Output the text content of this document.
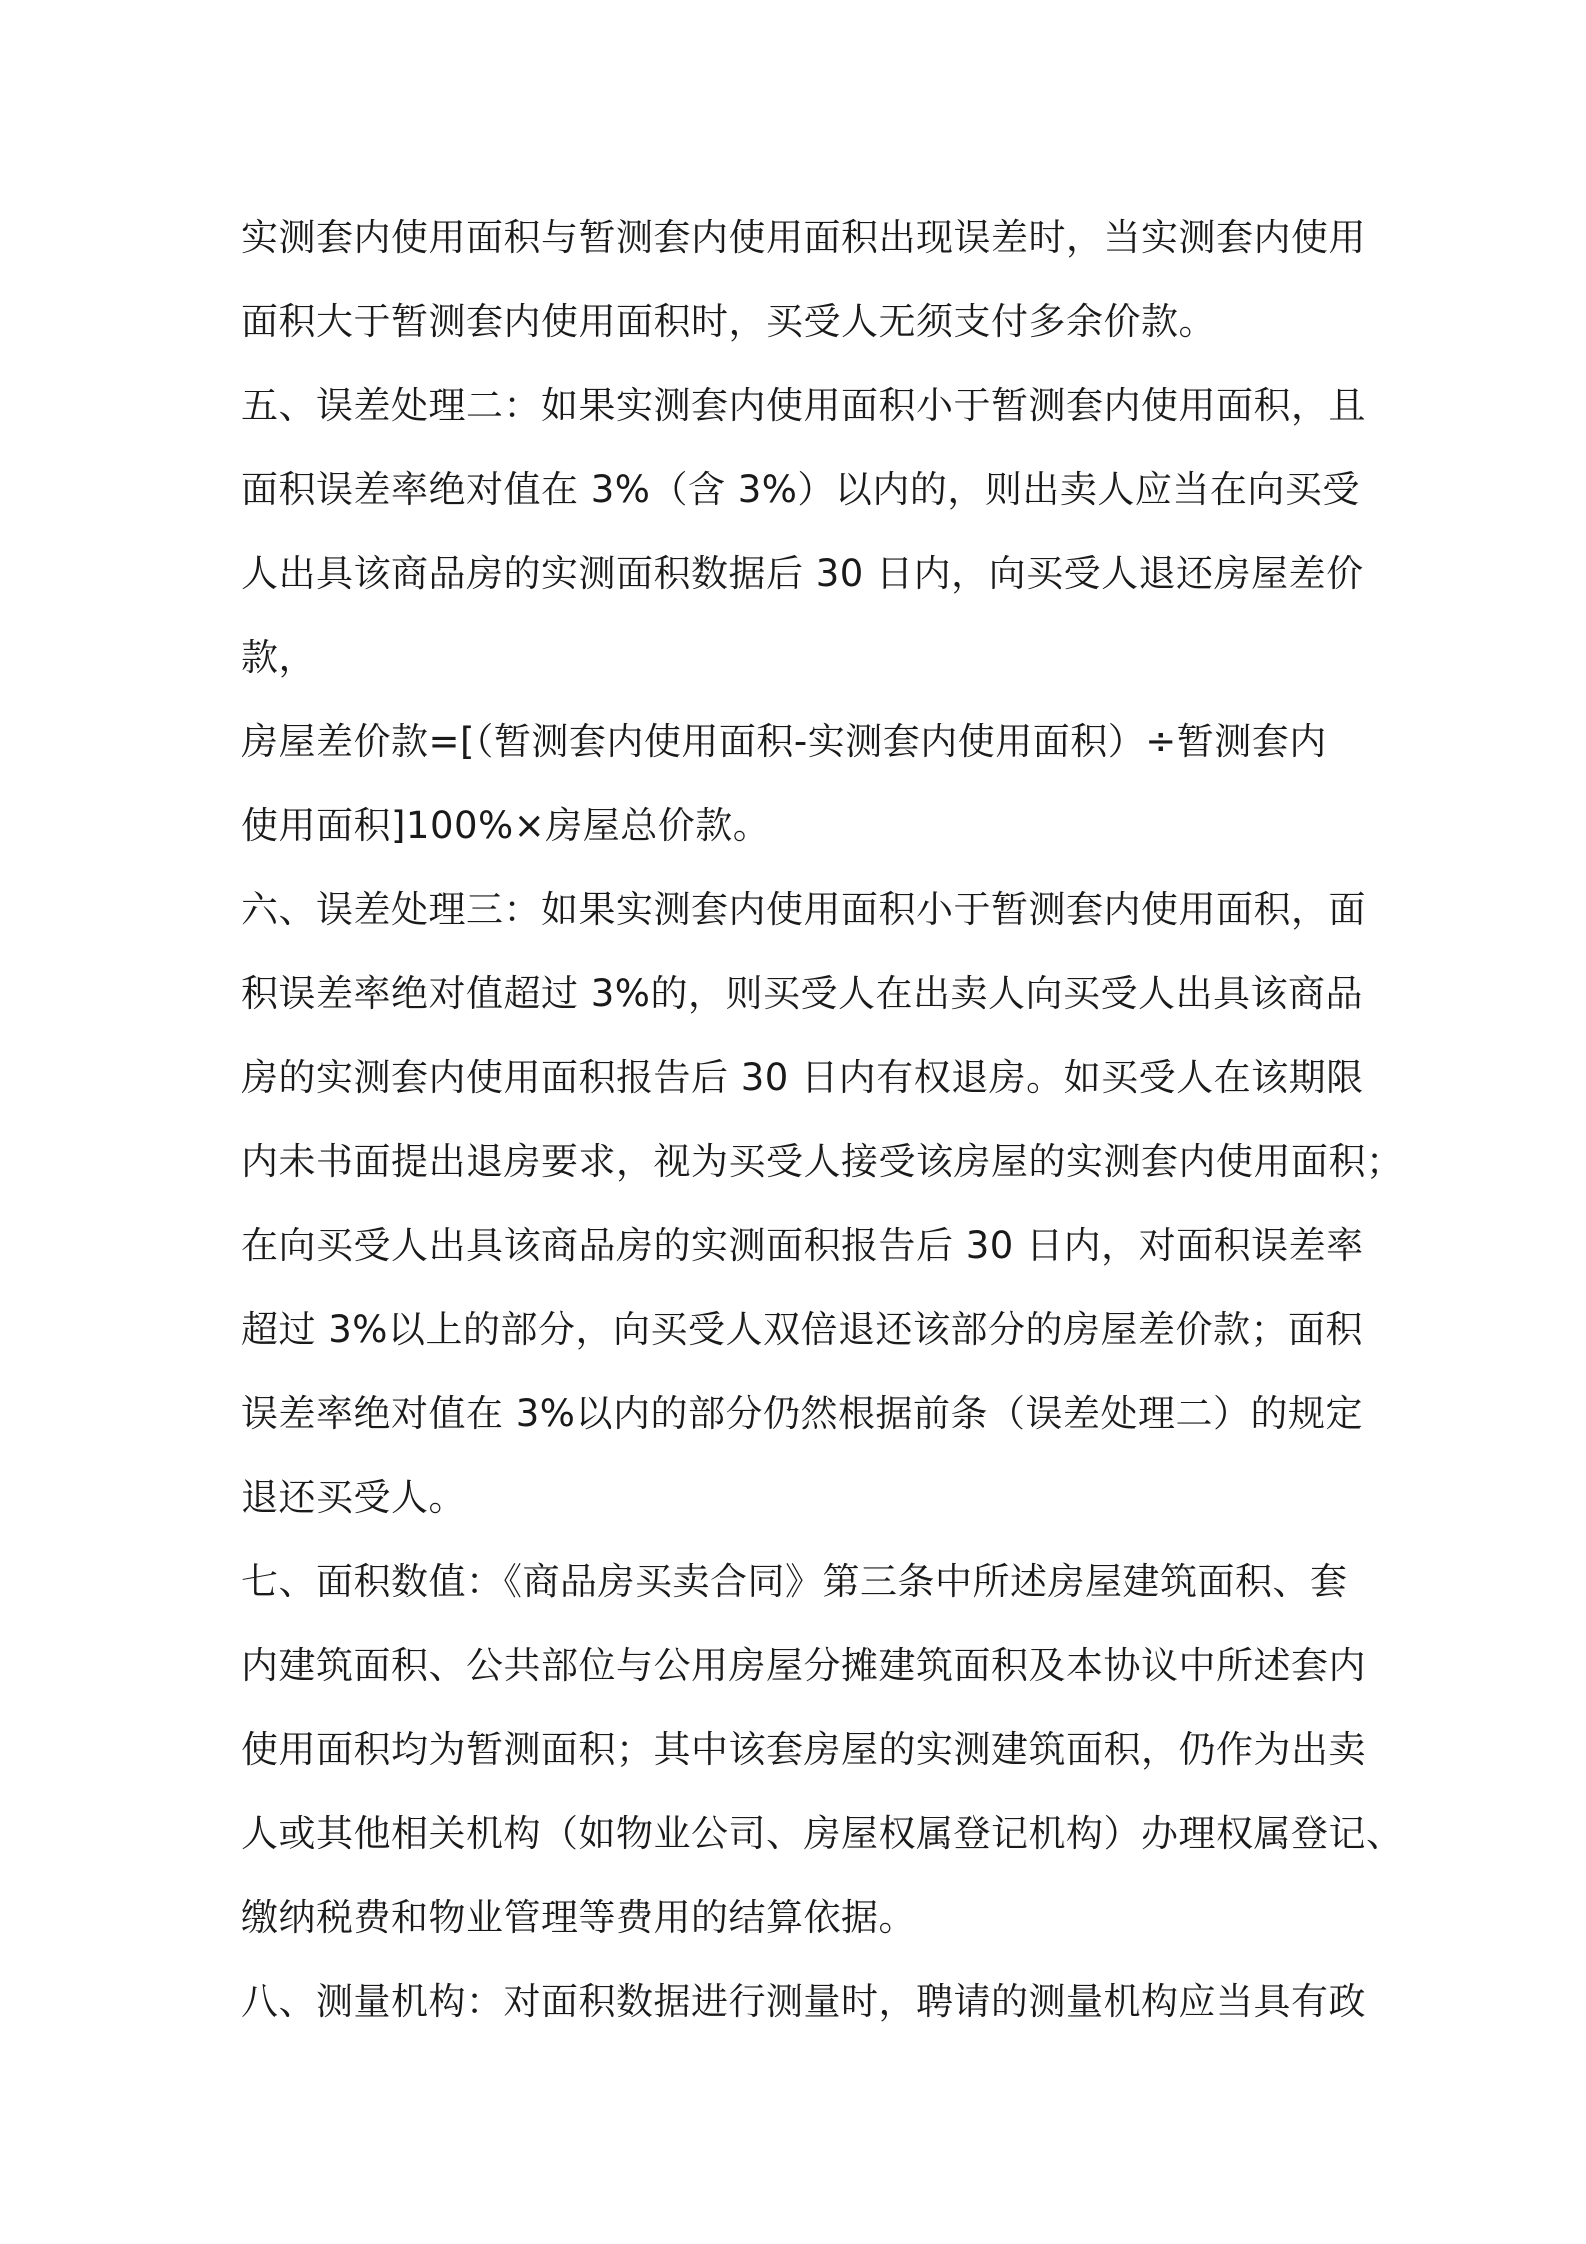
实测套内使用面积与暂测套内使用面积出现误差时，当实测套内使用
面积大于暂测套内使用面积时，买受人无须支付多余价款。
五、误差处理二：如果实测套内使用面积小于暂测套内使用面积，且
面积误差率绝对值在 3%（含 3%）以内的，则出卖人应当在向买受
人出具该商品房的实测面积数据后 30 日内，向买受人退还房屋差价
款，
房屋差价款=[（暂测套内使用面积-实测套内使用面积）÷暂测套内
使用面积]100%×房屋总价款。
六、误差处理三：如果实测套内使用面积小于暂测套内使用面积，面
积误差率绝对值超过 3%的，则买受人在出卖人向买受人出具该商品
房的实测套内使用面积报告后 30 日内有权退房。如买受人在该期限
内未书面提出退房要求，视为买受人接受该房屋的实测套内使用面积；
在向买受人出具该商品房的实测面积报告后 30 日内，对面积误差率
超过 3%以上的部分，向买受人双倍退还该部分的房屋差价款；面积
误差率绝对值在 3%以内的部分仍然根据前条（误差处理二）的规定
退还买受人。
七、面积数值：《商品房买卖合同》第三条中所述房屋建筑面积、套
内建筑面积、公共部位与公用房屋分摊建筑面积及本协议中所述套内
使用面积均为暂测面积；其中该套房屋的实测建筑面积，仍作为出卖
人或其他相关机构（如物业公司、房屋权属登记机构）办理权属登记、
缴纳税费和物业管理等费用的结算依据。
八、测量机构：对面积数据进行测量时，聘请的测量机构应当具有政
